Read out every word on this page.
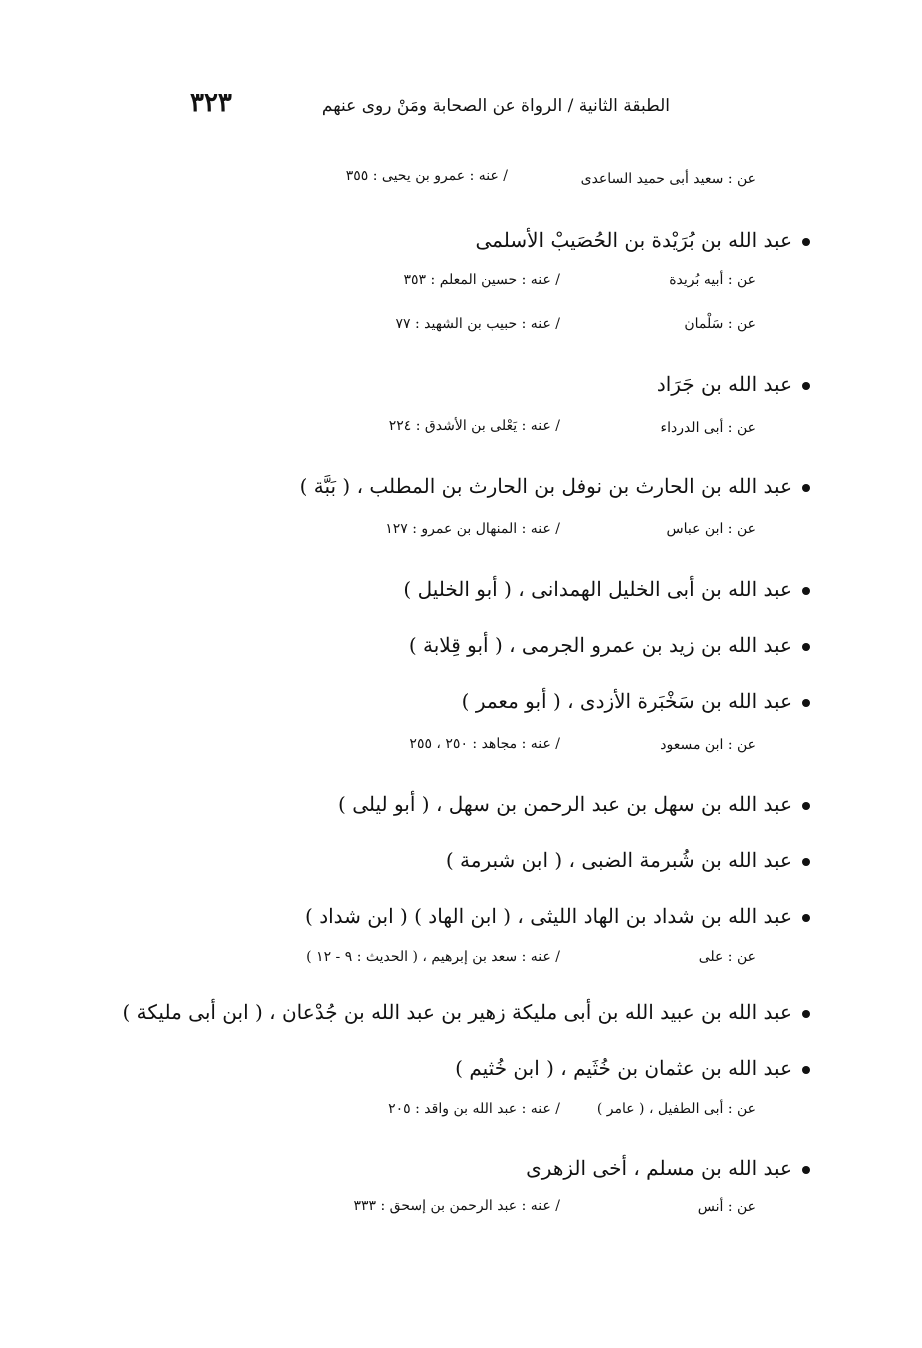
٣٢٣	الطبقة الثانية / الرواة عن الصحابة ومَنْ روى عنهم
عن : سعيد أبى حميد الساعدى
/ عنه : عمرو بن يحيى : ٣٥٥
عبد الله بن بُرَيْدة بن الحُصَيبْ الأسلمى
عن : أبيه بُريدة
/ عنه : حسين المعلم : ٣٥٣
عن : سَلْمان
/ عنه : حبيب بن الشهيد : ٧٧
عبد الله بن جَرَاد
عن : أبى الدرداء
/ عنه : يَعْلى بن الأشدق : ٢٢٤
عبد الله بن الحارث بن نوفل بن الحارث بن المطلب ، ( بَبَّة )
عن : ابن عباس
/ عنه : المنهال بن عمرو : ١٢٧
عبد الله بن أبى الخليل الهمدانى ، ( أبو الخليل )
عبد الله بن زيد بن عمرو الجرمى ، ( أبو قِلابة )
عبد الله بن سَخْبَرة الأزدى ، ( أبو معمر )
عن : ابن مسعود
/ عنه : مجاهد : ٢٥٠ ، ٢٥٥
عبد الله بن سهل بن عبد الرحمن بن سهل ، ( أبو ليلى )
عبد الله بن شُبرمة الضبى ، ( ابن شبرمة )
عبد الله بن شداد بن الهاد الليثى ، ( ابن الهاد ) ( ابن شداد )
عن : على
/ عنه : سعد بن إبرهيم ، ( الحديث : ٩ - ١٢ )
عبد الله بن عبيد الله بن أبى مليكة زهير بن عبد الله بن جُدْعان ، ( ابن أبى مليكة )
عبد الله بن عثمان بن خُثَيم ، ( ابن خُثيم )
عن : أبى الطفيل ، ( عامر )
/ عنه : عبد الله بن واقد : ٢٠٥
عبد الله بن مسلم ، أخى الزهرى
عن : أنس
/ عنه : عبد الرحمن بن إسحق : ٣٣٣
